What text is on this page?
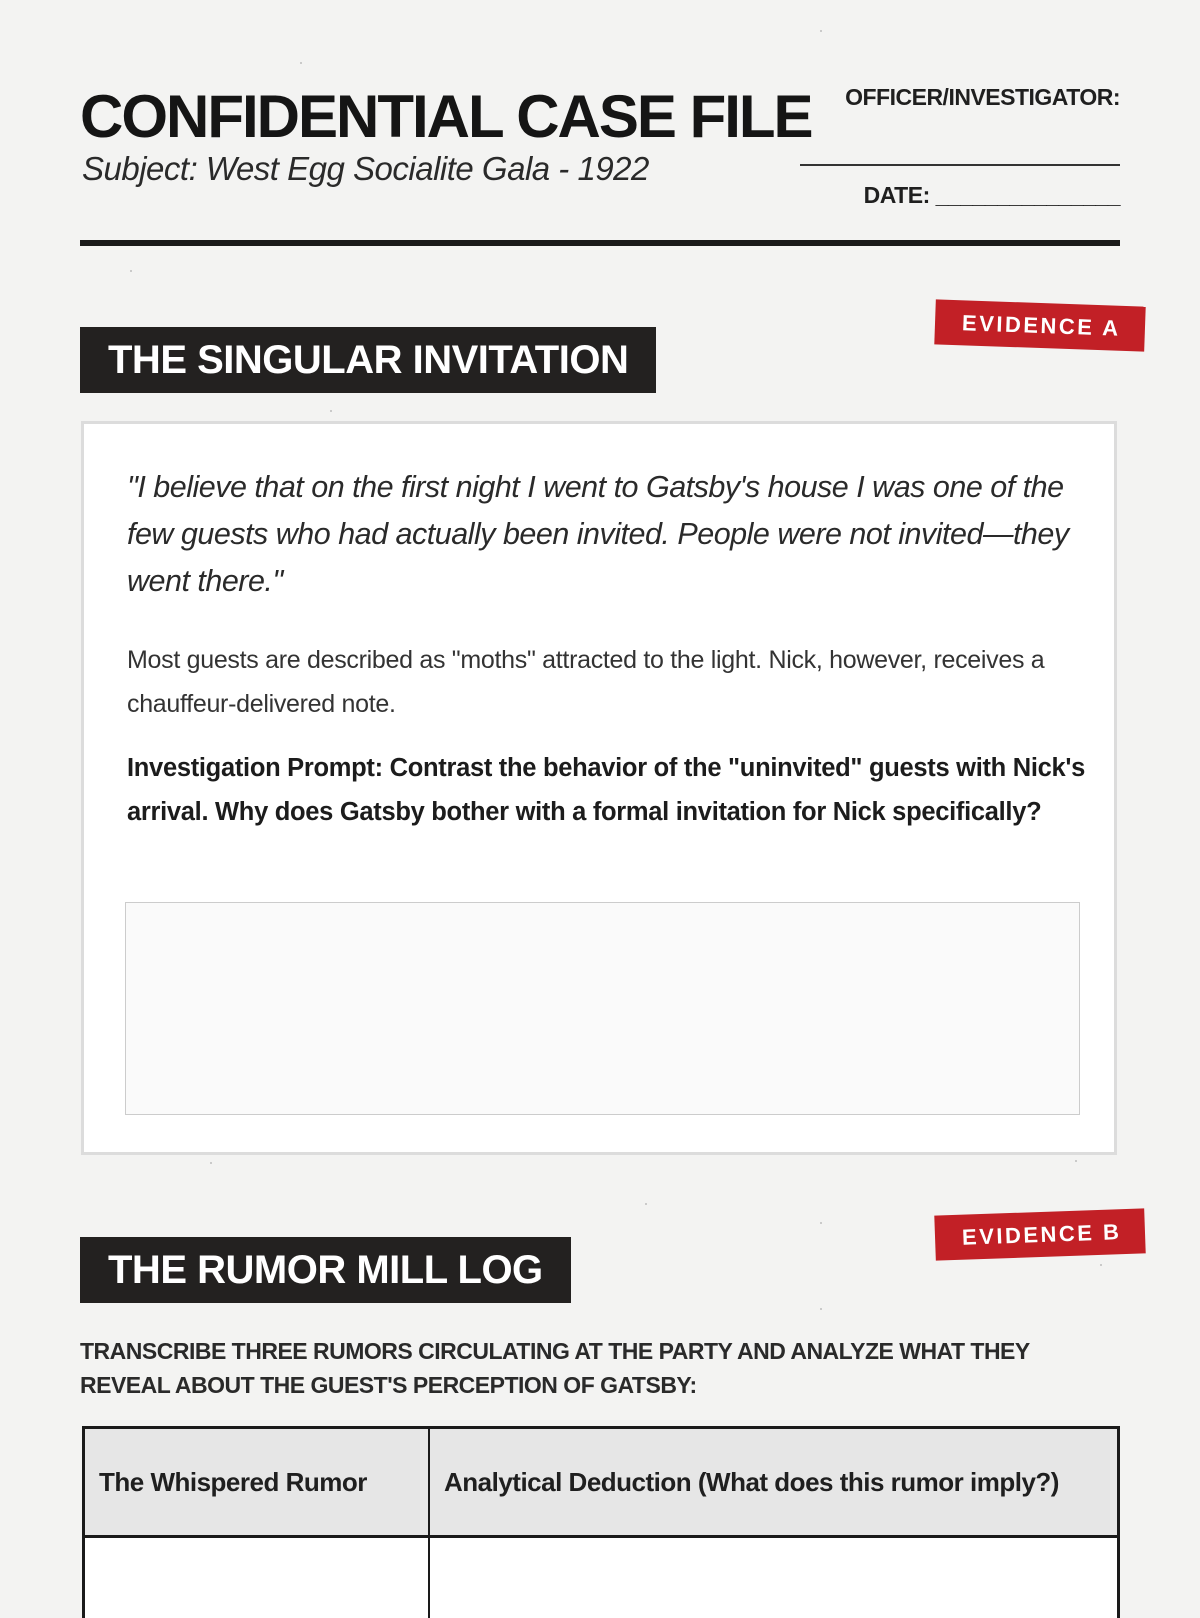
CONFIDENTIAL CASE FILE
Subject: West Egg Socialite Gala - 1922
OFFICER/INVESTIGATOR:
DATE: _______________
EVIDENCE A
THE SINGULAR INVITATION
"I believe that on the first night I went to Gatsby's house I was one of the few guests who had actually been invited. People were not invited—they went there."
Most guests are described as "moths" attracted to the light. Nick, however, receives a chauffeur-delivered note.
Investigation Prompt: Contrast the behavior of the "uninvited" guests with Nick's arrival. Why does Gatsby bother with a formal invitation for Nick specifically?
EVIDENCE B
THE RUMOR MILL LOG
TRANSCRIBE THREE RUMORS CIRCULATING AT THE PARTY AND ANALYZE WHAT THEY REVEAL ABOUT THE GUEST'S PERCEPTION OF GATSBY:
The Whispered Rumor	Analytical Deduction (What does this rumor imply?)
